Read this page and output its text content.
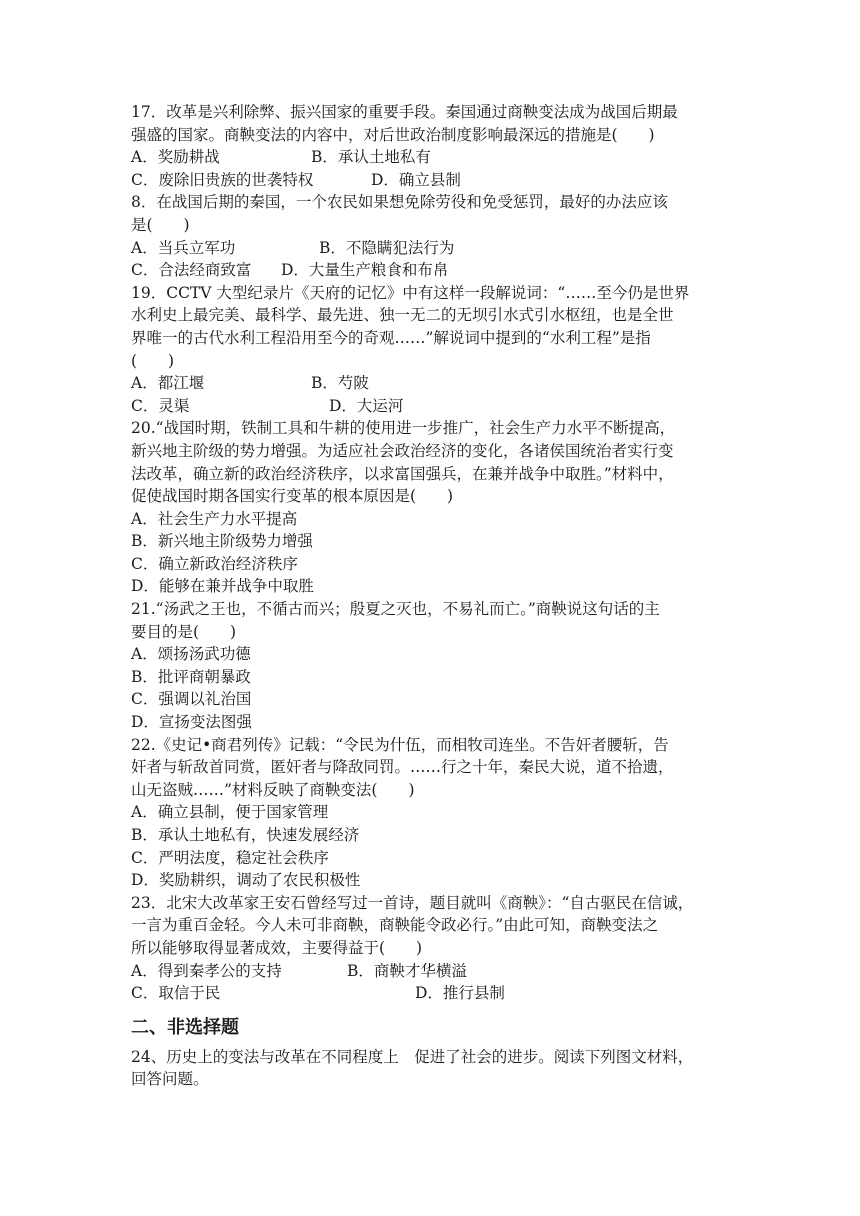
17．改革是兴利除弊、振兴国家的重要手段。秦国通过商鞅变法成为战国后期最
强盛的国家。商鞅变法的内容中，对后世政治制度影响最深远的措施是(　　)
A．奖励耕战	B．承认土地私有
C．废除旧贵族的世袭特权	D．确立县制
8．在战国后期的秦国，一个农民如果想免除劳役和免受惩罚，最好的办法应该
是(　　)
A．当兵立军功	B．不隐瞒犯法行为
C．合法经商致富	D．大量生产粮食和布帛
19．CCTV 大型纪录片《天府的记忆》中有这样一段解说词：“……至今仍是世界
水利史上最完美、最科学、最先进、独一无二的无坝引水式引水枢纽，也是全世
界唯一的古代水利工程沿用至今的奇观……”解说词中提到的“水利工程”是指
(　　)
A．都江堰	B．芍陂
C．灵渠	D．大运河
20.“战国时期，铁制工具和牛耕的使用进一步推广，社会生产力水平不断提高，
新兴地主阶级的势力增强。为适应社会政治经济的变化，各诸侯国统治者实行变
法改革，确立新的政治经济秩序，以求富国强兵，在兼并战争中取胜。”材料中，
促使战国时期各国实行变革的根本原因是(　　)
A．社会生产力水平提高
B．新兴地主阶级势力增强
C．确立新政治经济秩序
D．能够在兼并战争中取胜
21.“汤武之王也，不循古而兴；殷夏之灭也，不易礼而亡。”商鞅说这句话的主
要目的是(　　)
A．颂扬汤武功德
B．批评商朝暴政
C．强调以礼治国
D．宣扬变法图强
22.《史记•商君列传》记载：“令民为什伍，而相牧司连坐。不告奸者腰斩，告
奸者与斩敌首同赏，匿奸者与降敌同罚。……行之十年，秦民大说，道不拾遗，
山无盗贼……”材料反映了商鞅变法(　　)
A．确立县制，便于国家管理
B．承认土地私有，快速发展经济
C．严明法度，稳定社会秩序
D．奖励耕织，调动了农民积极性
23．北宋大改革家王安石曾经写过一首诗，题目就叫《商鞅》：“自古驱民在信诚，
一言为重百金轻。今人未可非商鞅，商鞅能令政必行。”由此可知，商鞅变法之
所以能够取得显著成效，主要得益于(　　)
A．得到秦孝公的支持	B．商鞅才华横溢
C．取信于民	D．推行县制
二、非选择题
24、历史上的变法与改革在不同程度上　促进了社会的进步。阅读下列图文材料，
回答问题。
